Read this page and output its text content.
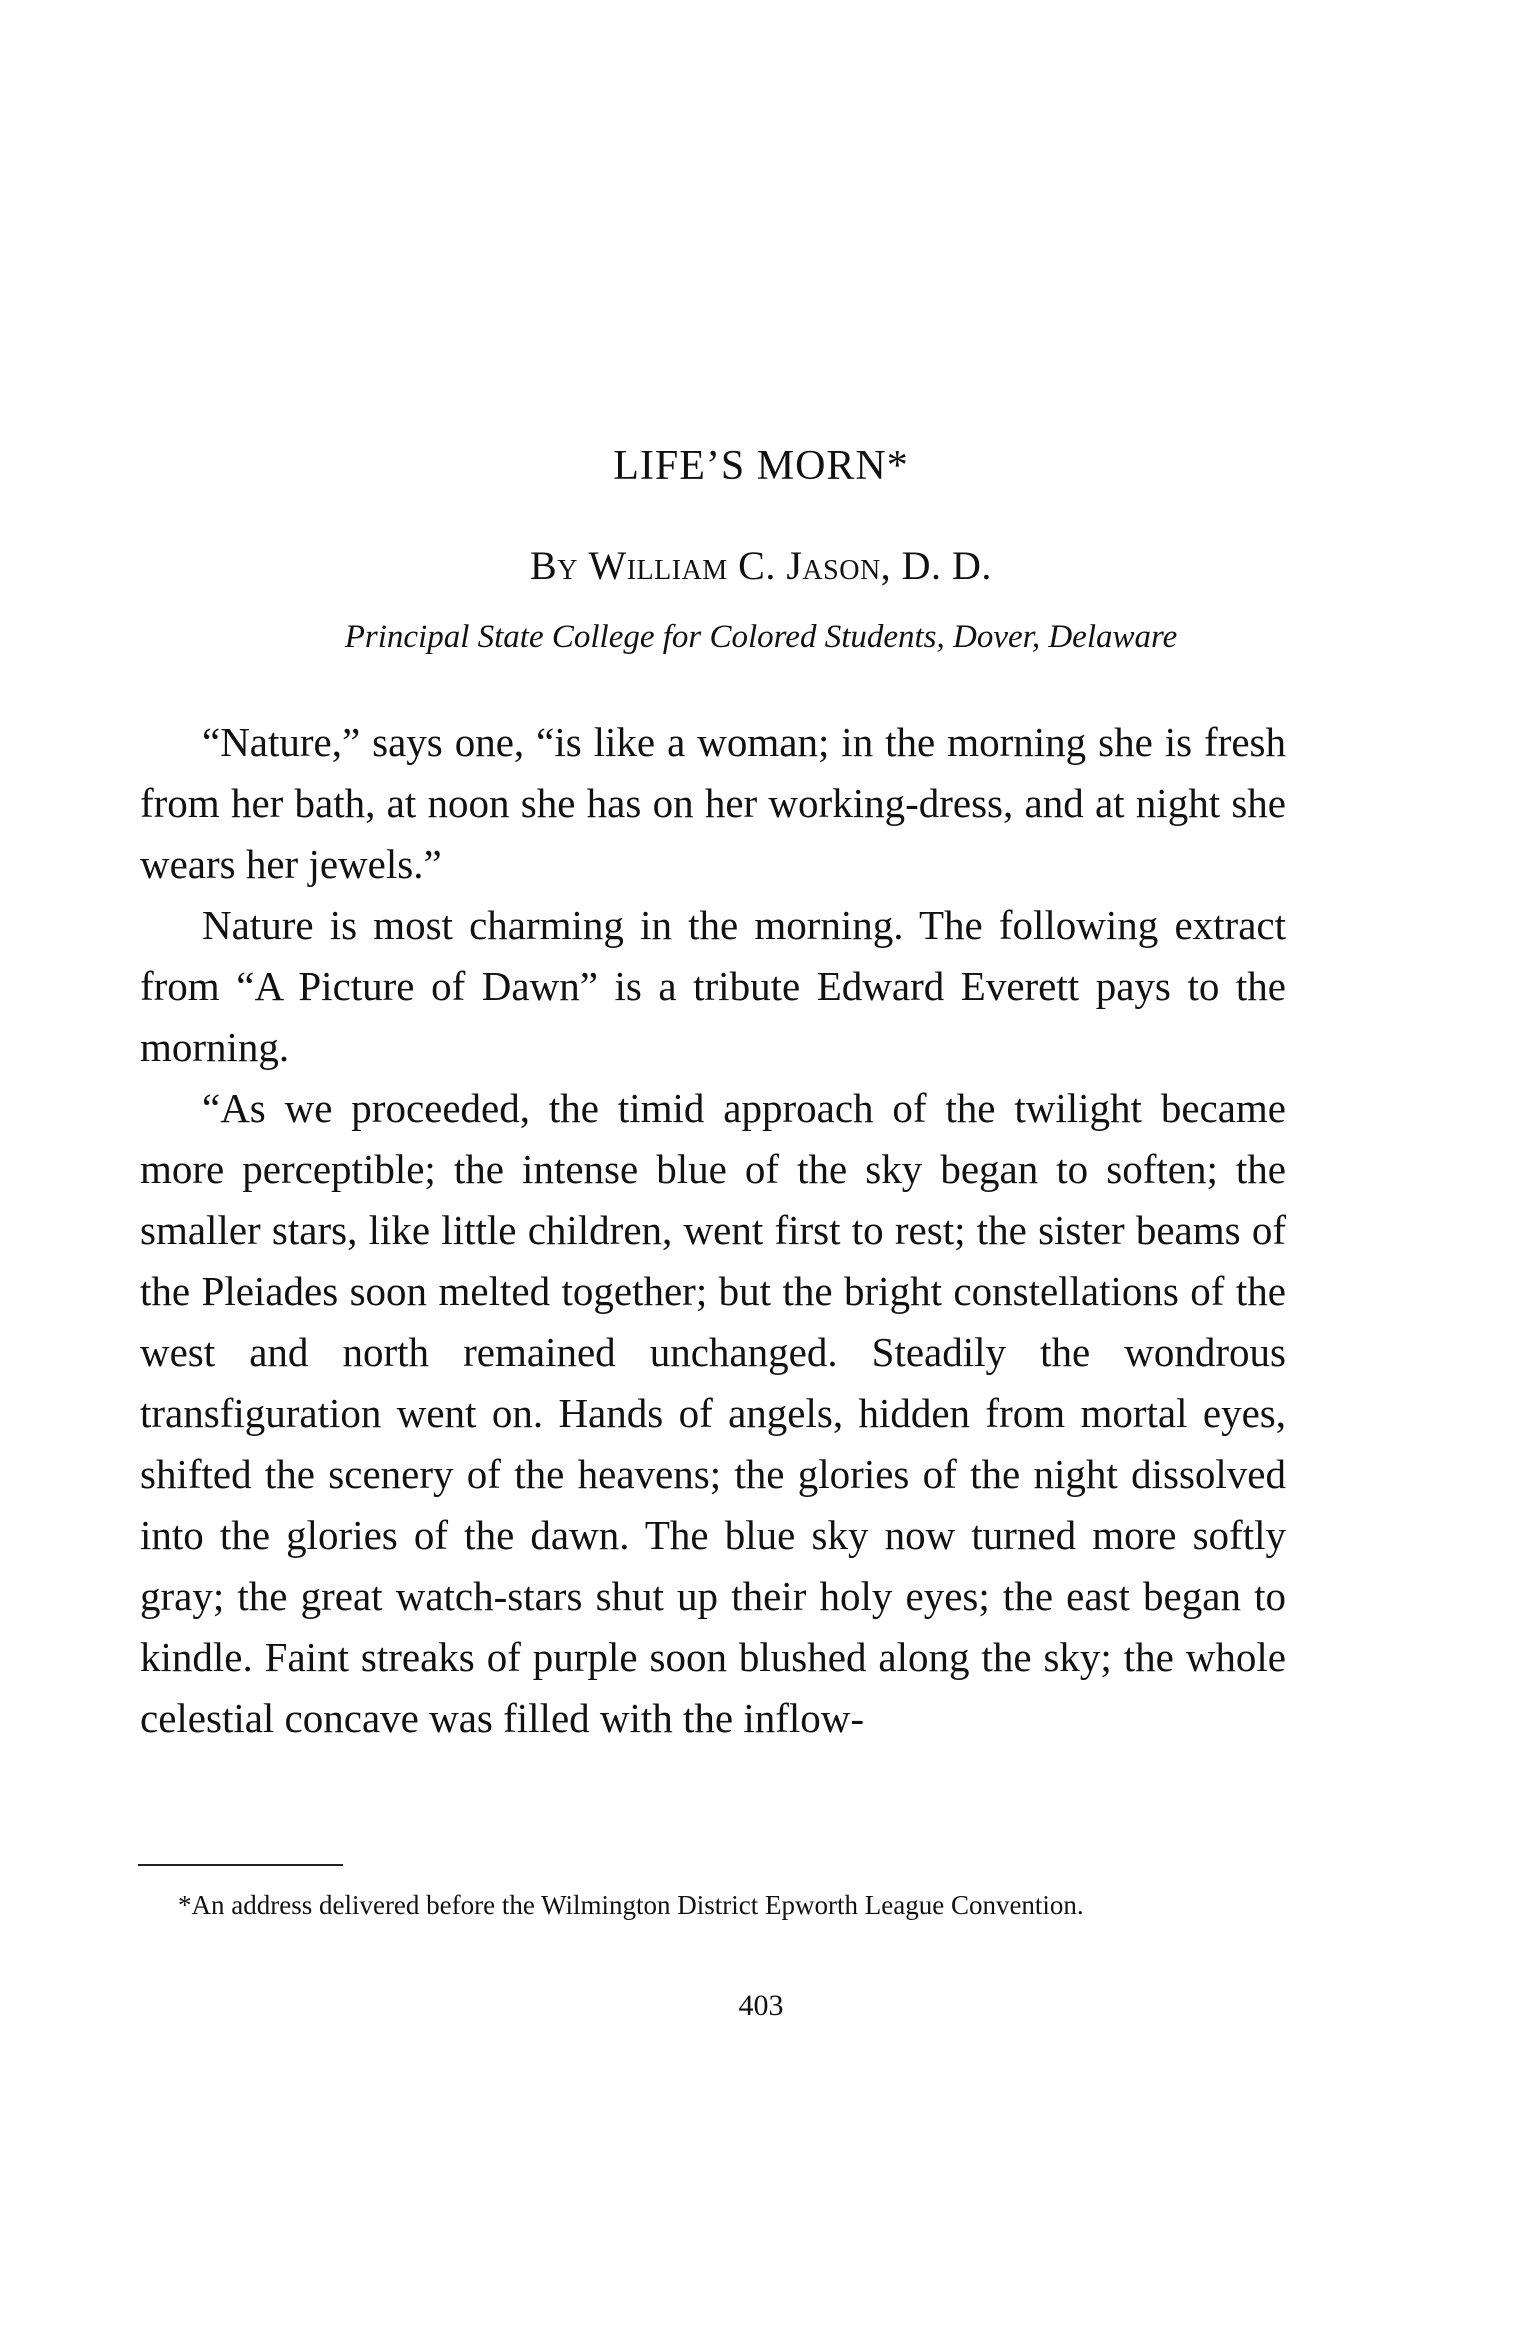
LIFE’S MORN*
By William C. Jason, D. D.
Principal State College for Colored Students, Dover, Delaware

“Nature,” says one, “is like a woman; in the morning she is fresh from her bath, at noon she has on her working-dress, and at night she wears her jewels.”

Nature is most charming in the morning. The following extract from “A Picture of Dawn” is a tribute Edward Everett pays to the morning.

“As we proceeded, the timid approach of the twilight became more perceptible; the intense blue of the sky began to soften; the smaller stars, like little children, went first to rest; the sister beams of the Pleiades soon melted together; but the bright constellations of the west and north remained unchanged. Steadily the wondrous transfiguration went on. Hands of angels, hidden from mortal eyes, shifted the scenery of the heavens; the glories of the night dissolved into the glories of the dawn. The blue sky now turned more softly gray; the great watch-stars shut up their holy eyes; the east began to kindle. Faint streaks of purple soon blushed along the sky; the whole celestial concave was filled with the inflow-

*An address delivered before the Wilmington District Epworth League Convention.

403
